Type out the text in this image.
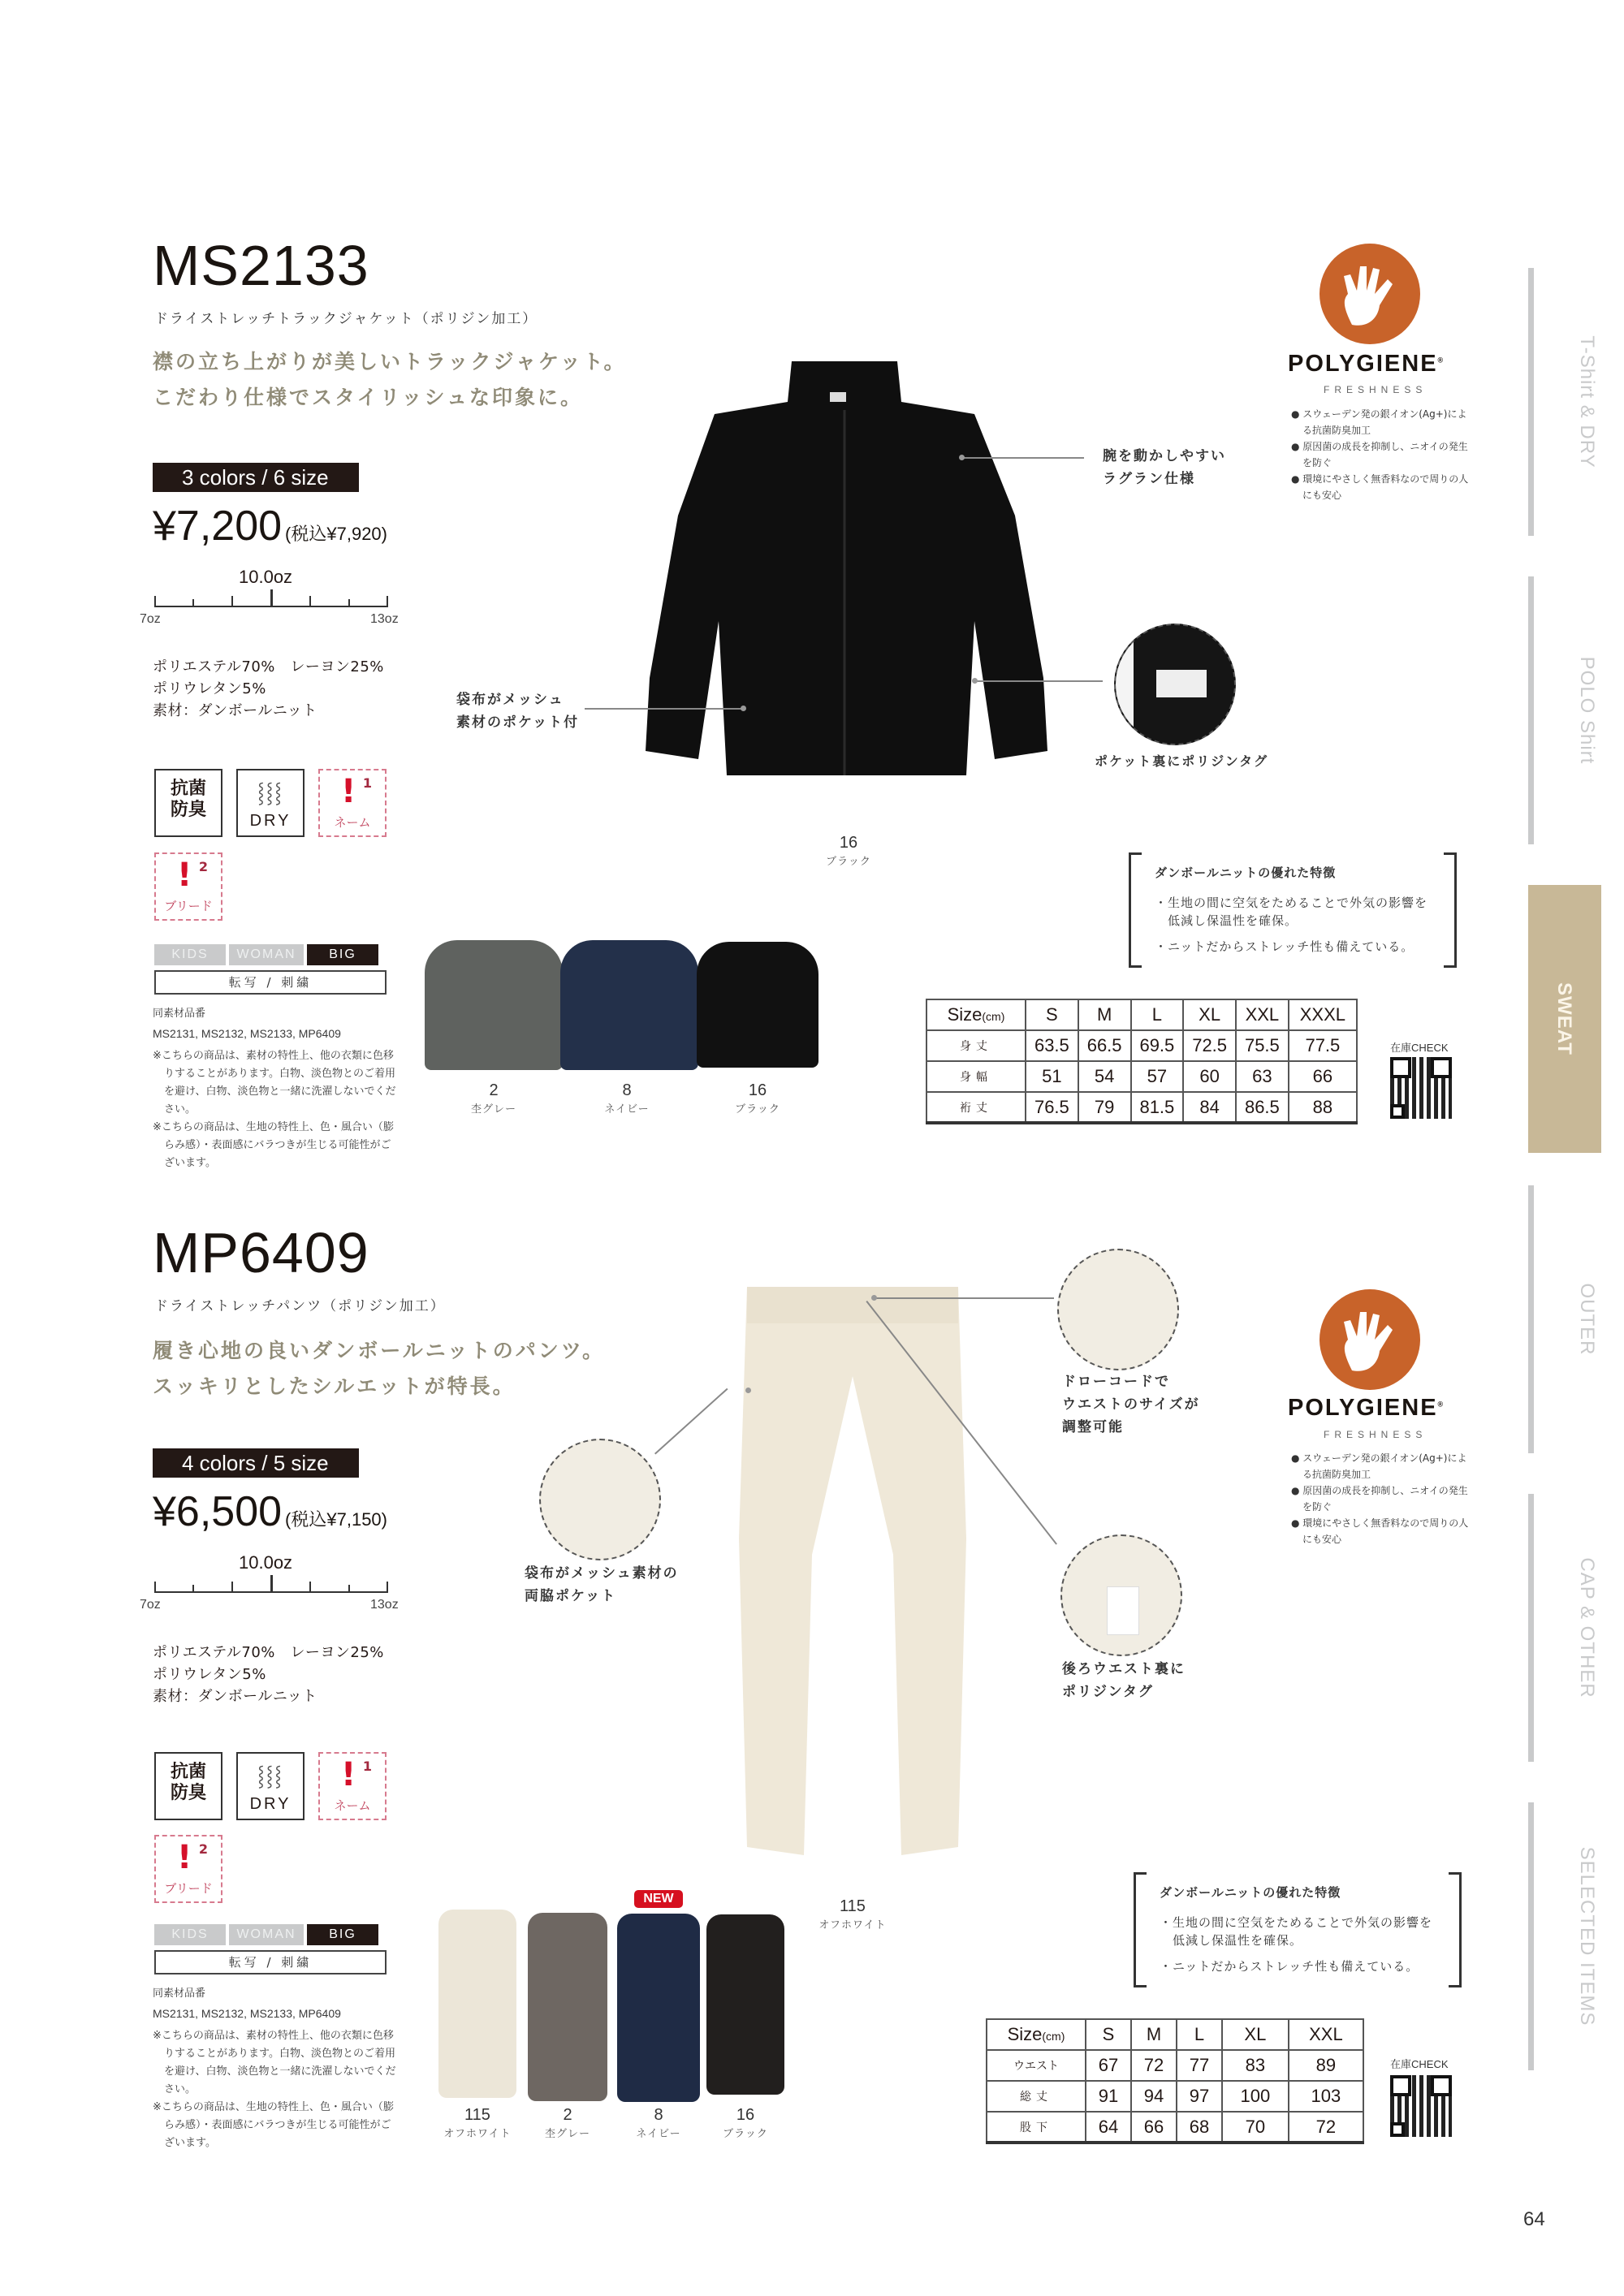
T-Shirt & DRY
POLO Shirt
SWEAT
OUTER
CAP & OTHER
SELECTED ITEMS
MS2133
ドライストレッチトラックジャケット（ポリジン加工）
襟の立ち上がりが美しいトラックジャケット。
こだわり仕様でスタイリッシュな印象に。
3 colors / 6 size
¥7,200 (税込¥7,920)
10.0oz
7oz	13oz
ポリエステル70%　レーヨン25%
ポリウレタン5%
素材：ダンボールニット
抗菌
防臭
⸾⸾⸾
DRY
! 1
ネーム
! 2
ブリード
KIDS	WOMAN	BIG
転写 / 刺繍
同素材品番
MS2131, MS2132, MS2133, MP6409
※こちらの商品は、素材の特性上、他の衣類に色移りすることがあります。白物、淡色物とのご着用を避け、白物、淡色物と一緒に洗濯しないでください。
※こちらの商品は、生地の特性上、色・風合い（膨らみ感）・表面感にバラつきが生じる可能性がございます。
16
ブラック
腕を動かしやすい
ラグラン仕様
袋布がメッシュ
素材のポケット付
ポケット裏にポリジンタグ
2
杢グレー
8
ネイビー
16
ブラック
POLYGIENE®
FRESHNESS
● スウェーデン発の銀イオン(Ag+)による抗菌防臭加工
● 原因菌の成長を抑制し、ニオイの発生を防ぐ
● 環境にやさしく無香料なので周りの人にも安心
ダンボールニットの優れた特徴
・生地の間に空気をためることで外気の影響を
　低減し保温性を確保。
・ニットだからストレッチ性も備えている。
Size(cm)	S	M	L	XL	XXL	XXXL
身丈	63.5	66.5	69.5	72.5	75.5	77.5
身幅	51	54	57	60	63	66
裄丈	76.5	79	81.5	84	86.5	88
在庫CHECK
MP6409
ドライストレッチパンツ（ポリジン加工）
履き心地の良いダンボールニットのパンツ。
スッキリとしたシルエットが特長。
4 colors / 5 size
¥6,500 (税込¥7,150)
10.0oz
7oz	13oz
ポリエステル70%　レーヨン25%
ポリウレタン5%
素材：ダンボールニット
抗菌
防臭
⸾⸾⸾
DRY
! 1
ネーム
! 2
ブリード
KIDS	WOMAN	BIG
転写 / 刺繍
同素材品番
MS2131, MS2132, MS2133, MP6409
※こちらの商品は、素材の特性上、他の衣類に色移りすることがあります。白物、淡色物とのご着用を避け、白物、淡色物と一緒に洗濯しないでください。
※こちらの商品は、生地の特性上、色・風合い（膨らみ感）・表面感にバラつきが生じる可能性がございます。
115
オフホワイト
ドローコードで
ウエストのサイズが
調整可能
後ろウエスト裏に
ポリジンタグ
袋布がメッシュ素材の
両脇ポケット
115
オフホワイト
2
杢グレー
NEW
8
ネイビー
16
ブラック
POLYGIENE®
FRESHNESS
● スウェーデン発の銀イオン(Ag+)による抗菌防臭加工
● 原因菌の成長を抑制し、ニオイの発生を防ぐ
● 環境にやさしく無香料なので周りの人にも安心
ダンボールニットの優れた特徴
・生地の間に空気をためることで外気の影響を
　低減し保温性を確保。
・ニットだからストレッチ性も備えている。
Size(cm)	S	M	L	XL	XXL
ウエスト	67	72	77	83	89
総丈	91	94	97	100	103
股下	64	66	68	70	72
在庫CHECK
64
